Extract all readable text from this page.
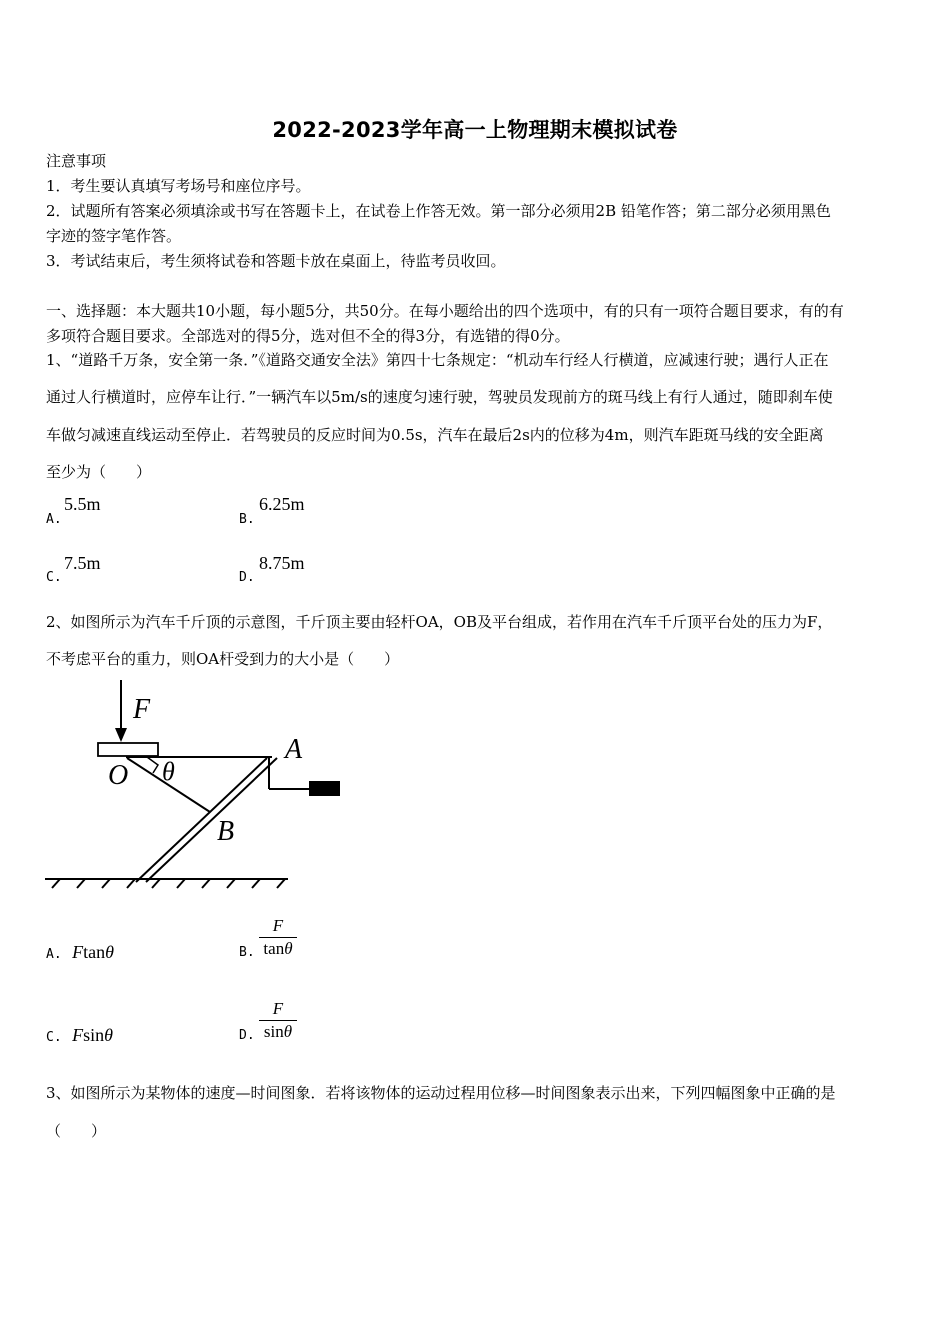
2022-2023学年高一上物理期末模拟试卷
注意事项
1．考生要认真填写考场号和座位序号。
2．试题所有答案必须填涂或书写在答题卡上，在试卷上作答无效。第一部分必须用2B 铅笔作答；第二部分必须用黑色
字迹的签字笔作答。
3．考试结束后，考生须将试卷和答题卡放在桌面上，待监考员收回。
一、选择题：本大题共10小题，每小题5分，共50分。在每小题给出的四个选项中，有的只有一项符合题目要求，有的有
多项符合题目要求。全部选对的得5分，选对但不全的得3分，有选错的得0分。
1、“道路千万条，安全第一条．”《道路交通安全法》第四十七条规定：“机动车行经人行横道，应减速行驶；遇行人正在
通过人行横道时，应停车让行．”一辆汽车以5m/s的速度匀速行驶，驾驶员发现前方的斑马线上有行人通过，随即刹车使
车做匀减速直线运动至停止．若驾驶员的反应时间为0.5s，汽车在最后2s内的位移为4m，则汽车距斑马线的安全距离
至少为（　　）
A.
5.5m
B.
6.25m
C.
7.5m
D.
8.75m
2、如图所示为汽车千斤顶的示意图，千斤顶主要由轻杆OA，OB及平台组成，若作用在汽车千斤顶平台处的压力为F，
不考虑平台的重力，则OA杆受到力的大小是（　　）
F
A
O θ
B
A. Ftanθ	B.
F
tanθ
C. Fsinθ	D.
F
sinθ
3、如图所示为某物体的速度—时间图象．若将该物体的运动过程用位移—时间图象表示出来，下列四幅图象中正确的是
（　　）
